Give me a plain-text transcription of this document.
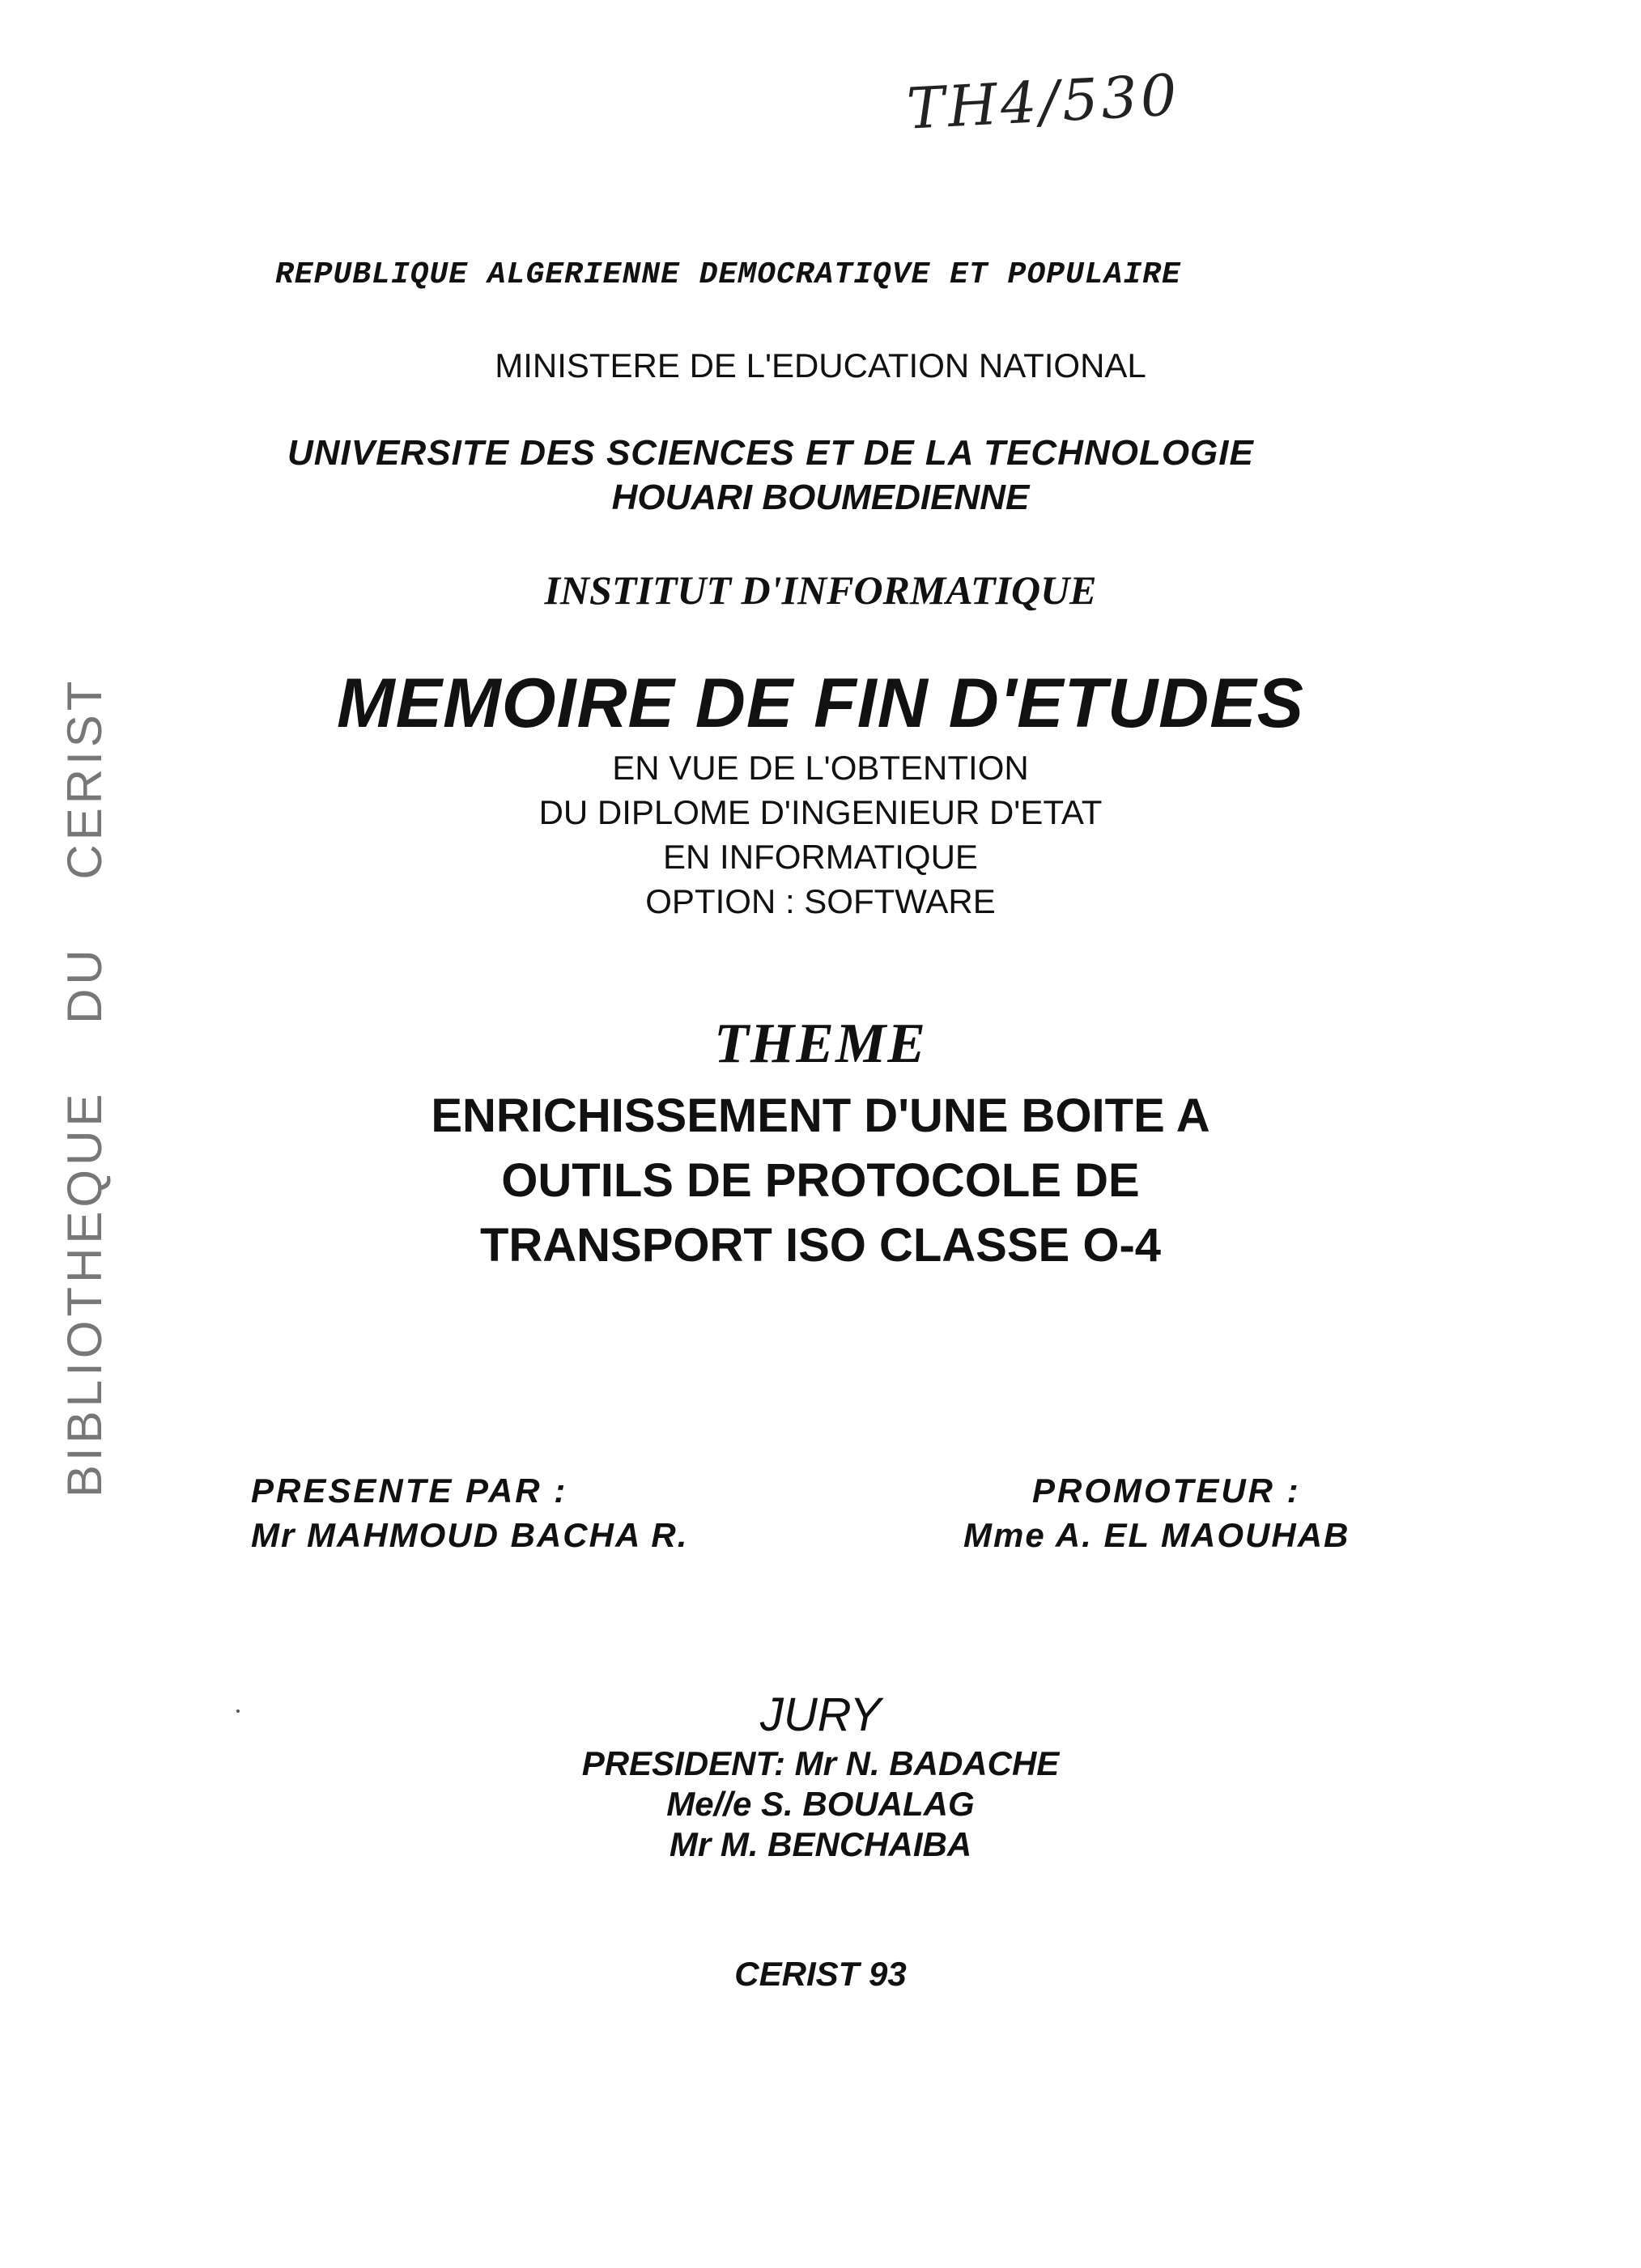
TH4/530
BIBLIOTHEQUE DU CERIST
REPUBLIQUE ALGERIENNE DEMOCRATIQVE ET POPULAIRE
MINISTERE DE L'EDUCATION NATIONAL
UNIVERSITE DES SCIENCES ET DE LA TECHNOLOGIE
HOUARI BOUMEDIENNE
INSTITUT D'INFORMATIQUE
MEMOIRE DE FIN D'ETUDES
EN VUE DE L'OBTENTION
DU DIPLOME D'INGENIEUR D'ETAT
EN INFORMATIQUE
OPTION : SOFTWARE
THEME
ENRICHISSEMENT D'UNE BOITE A
OUTILS DE PROTOCOLE DE
TRANSPORT ISO CLASSE O-4
PRESENTE PAR :
Mr MAHMOUD BACHA R.
PROMOTEUR :
Mme A. EL MAOUHAB
JURY
PRESIDENT: Mr N. BADACHE
Me//e S. BOUALAG
Mr M. BENCHAIBA
CERIST 93
